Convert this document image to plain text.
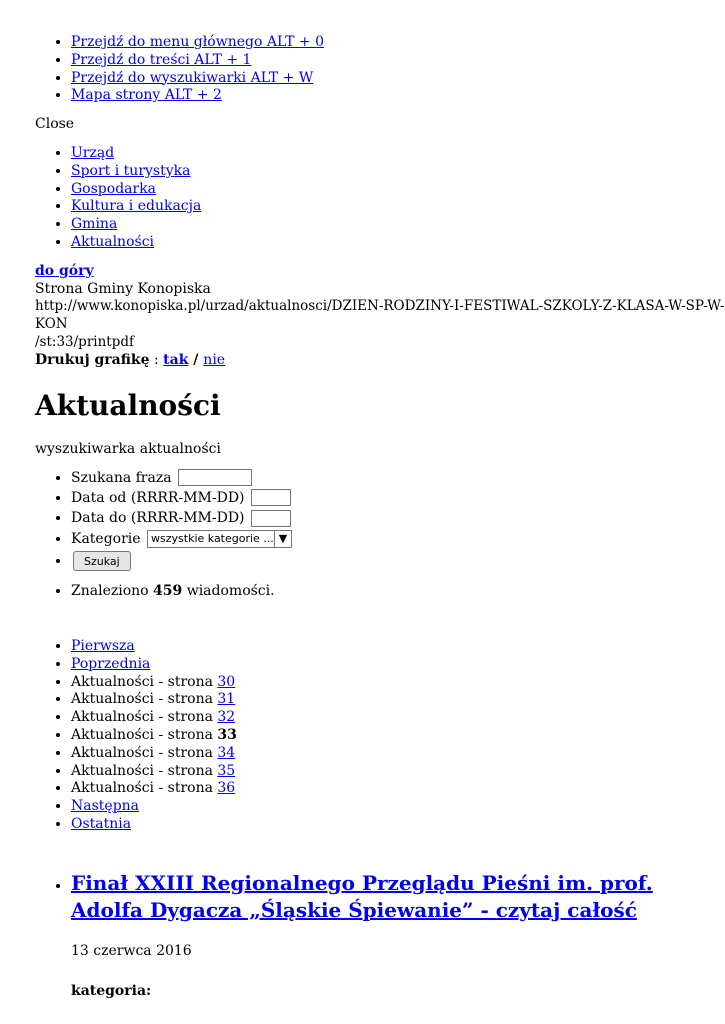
• Przejdź do menu głównego ALT + 0
• Przejdź do treści ALT + 1
• Przejdź do wyszukiwarki ALT + W
• Mapa strony ALT + 2
Close
• Urząd
• Sport i turystyka
• Gospodarka
• Kultura i edukacja
• Gmina
• Aktualności
do góry
Strona Gminy Konopiska
http://www.konopiska.pl/urzad/aktualnosci/DZIEN-RODZINY-I-FESTIWAL-SZKOLY-Z-KLASA-W-SP-W-KON
/st:33/printpdf
Drukuj grafikę : tak / nie
Aktualności
wyszukiwarka aktualności
• Szukana fraza
• Data od (RRRR-MM-DD)
• Data do (RRRR-MM-DD)
• Kategorie wszystkie kategorie ... ▼
• Szukaj
• Znaleziono 459 wiadomości.
• Pierwsza
• Poprzednia
• Aktualności - strona 30
• Aktualności - strona 31
• Aktualności - strona 32
• Aktualności - strona 33
• Aktualności - strona 34
• Aktualności - strona 35
• Aktualności - strona 36
• Następna
• Ostatnia
• Finał XXIII Regionalnego Przeglądu Pieśni im. prof. Adolfa Dygacza „Śląskie Śpiewanie” - czytaj całość
13 czerwca 2016
kategoria:
